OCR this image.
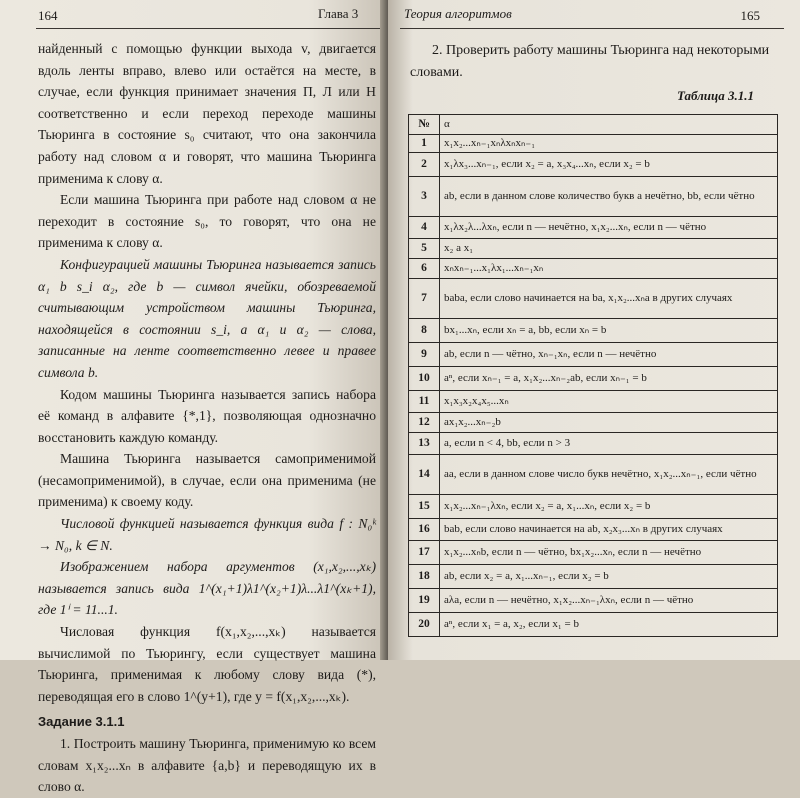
164	Глава 3

найденный с помощью функции выхода v, двигается вдоль ленты вправо, влево или остаётся на месте, в случае, если функция принимает значения П, Л или Н соответственно и если переход переходе машины Тьюринга в состояние s₀ считают, что она закончила работу над словом α и говорят, что машина Тьюринга применима к слову α.

Если машина Тьюринга при работе над словом α не переходит в состояние s₀, то говорят, что она не применима к слову α.

Конфигурацией машины Тьюринга называется запись α₁ b s_i α₂, где b — символ ячейки, обозреваемой считывающим устройством машины Тьюринга, находящейся в состоянии s_i, а α₁ и α₂ — слова, записанные на ленте соответственно левее и правее символа b.

Кодом машины Тьюринга называется запись набора её команд в алфавите {*,1}, позволяющая однозначно восстановить каждую команду.

Машина Тьюринга называется самоприменимой (несамоприменимой), в случае, если она применима (не применима) к своему коду.

Числовой функцией называется функция вида f : N₀ᵏ → N₀, k ∈ N.

Изображением набора аргументов (x₁,x₂,...,xₖ) называется запись вида 1^(x₁+1)λ1^(x₂+1)λ...λ1^(xₖ+1), где 1ⁱ = 11...1.

Числовая функция f(x₁,x₂,...,xₖ) называется вычислимой по Тьюрингу, если существует машина Тьюринга, применимая к любому слову вида (*), переводящая его в слово 1^(y+1), где y = f(x₁,x₂,...,xₖ).

Задание 3.1.1

1. Построить машину Тьюринга, применимую ко всем словам x₁x₂...xₙ в алфавите {a,b} и переводящую их в слово α.

Теория алгоритмов	165

2. Проверить работу машины Тьюринга над некоторыми словами.

Таблица 3.1.1
№	α
1	x₁x₂...xₙ₋₁xₙλxₙxₙ₋₁
2	x₁λx₃...xₙ₋₁, если x₂ = a, x₃x₄...xₙ, если x₂ = b
3	ab, если в данном слове количество букв a нечётно, bb, если чётно
4	x₁λx₂λ...λxₙ, если n — нечётно, x₁x₂...xₙ, если n — чётно
5	x₂ a x₁
6	xₙxₙ₋₁...x₁λx₁...xₙ₋₁xₙ
7	baba, если слово начинается на ba, x₁x₂...xₙa в других случаях
8	bx₁...xₙ, если xₙ = a, bb, если xₙ = b
9	ab, если n — чётно, xₙ₋₁xₙ, если n — нечётно
10	aⁿ, если xₙ₋₁ = a, x₁x₂...xₙ₋₂ab, если xₙ₋₁ = b
11	x₁x₃x₂x₄x₅...xₙ
12	ax₁x₂...xₙ₋₂b
13	a, если n < 4, bb, если n > 3
14	aa, если в данном слове число букв нечётно, x₁x₂...xₙ₋₁, если чётно
15	x₁x₂...xₙ₋₁λxₙ, если x₂ = a, x₁...xₙ, если x₂ = b
16	bab, если слово начинается на ab, x₂x₃...xₙ в других случаях
17	x₁x₂...xₙb, если n — чётно, bx₁x₂...xₙ, если n — нечётно
18	ab, если x₂ = a, x₁...xₙ₋₁, если x₂ = b
19	aλa, если n — нечётно, x₁x₂...xₙ₋₁λxₙ, если n — чётно
20	aⁿ, если x₁ = a, x₂, если x₁ = b
